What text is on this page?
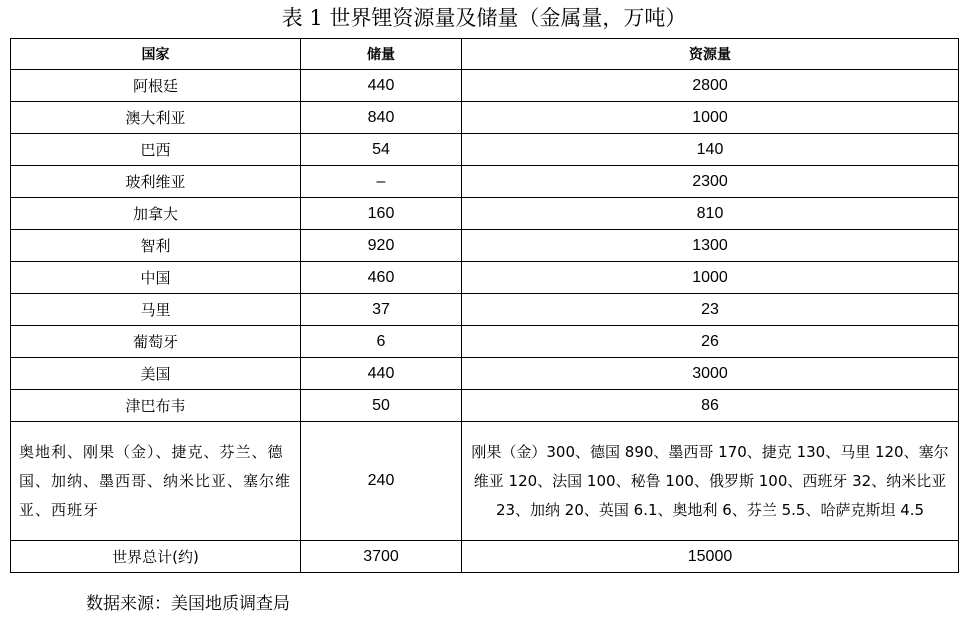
表 1 世界锂资源量及储量（金属量，万吨）
国家	储量	资源量
阿根廷	440	2800
澳大利亚	840	1000
巴西	54	140
玻利维亚	–	2300
加拿大	160	810
智利	920	1300
中国	460	1000
马里	37	23
葡萄牙	6	26
美国	440	3000
津巴布韦	50	86
奥地利、刚果（金）、捷克、芬兰、德国、加纳、墨西哥、纳米比亚、塞尔维亚、西班牙	240	刚果（金）300、德国 890、墨西哥 170、捷克 130、马里 120、塞尔维亚 120、法国 100、秘鲁 100、俄罗斯 100、西班牙 32、纳米比亚 23、加纳 20、英国 6.1、奥地利 6、芬兰 5.5、哈萨克斯坦 4.5
世界总计(约)	3700	15000
数据来源：美国地质调查局
